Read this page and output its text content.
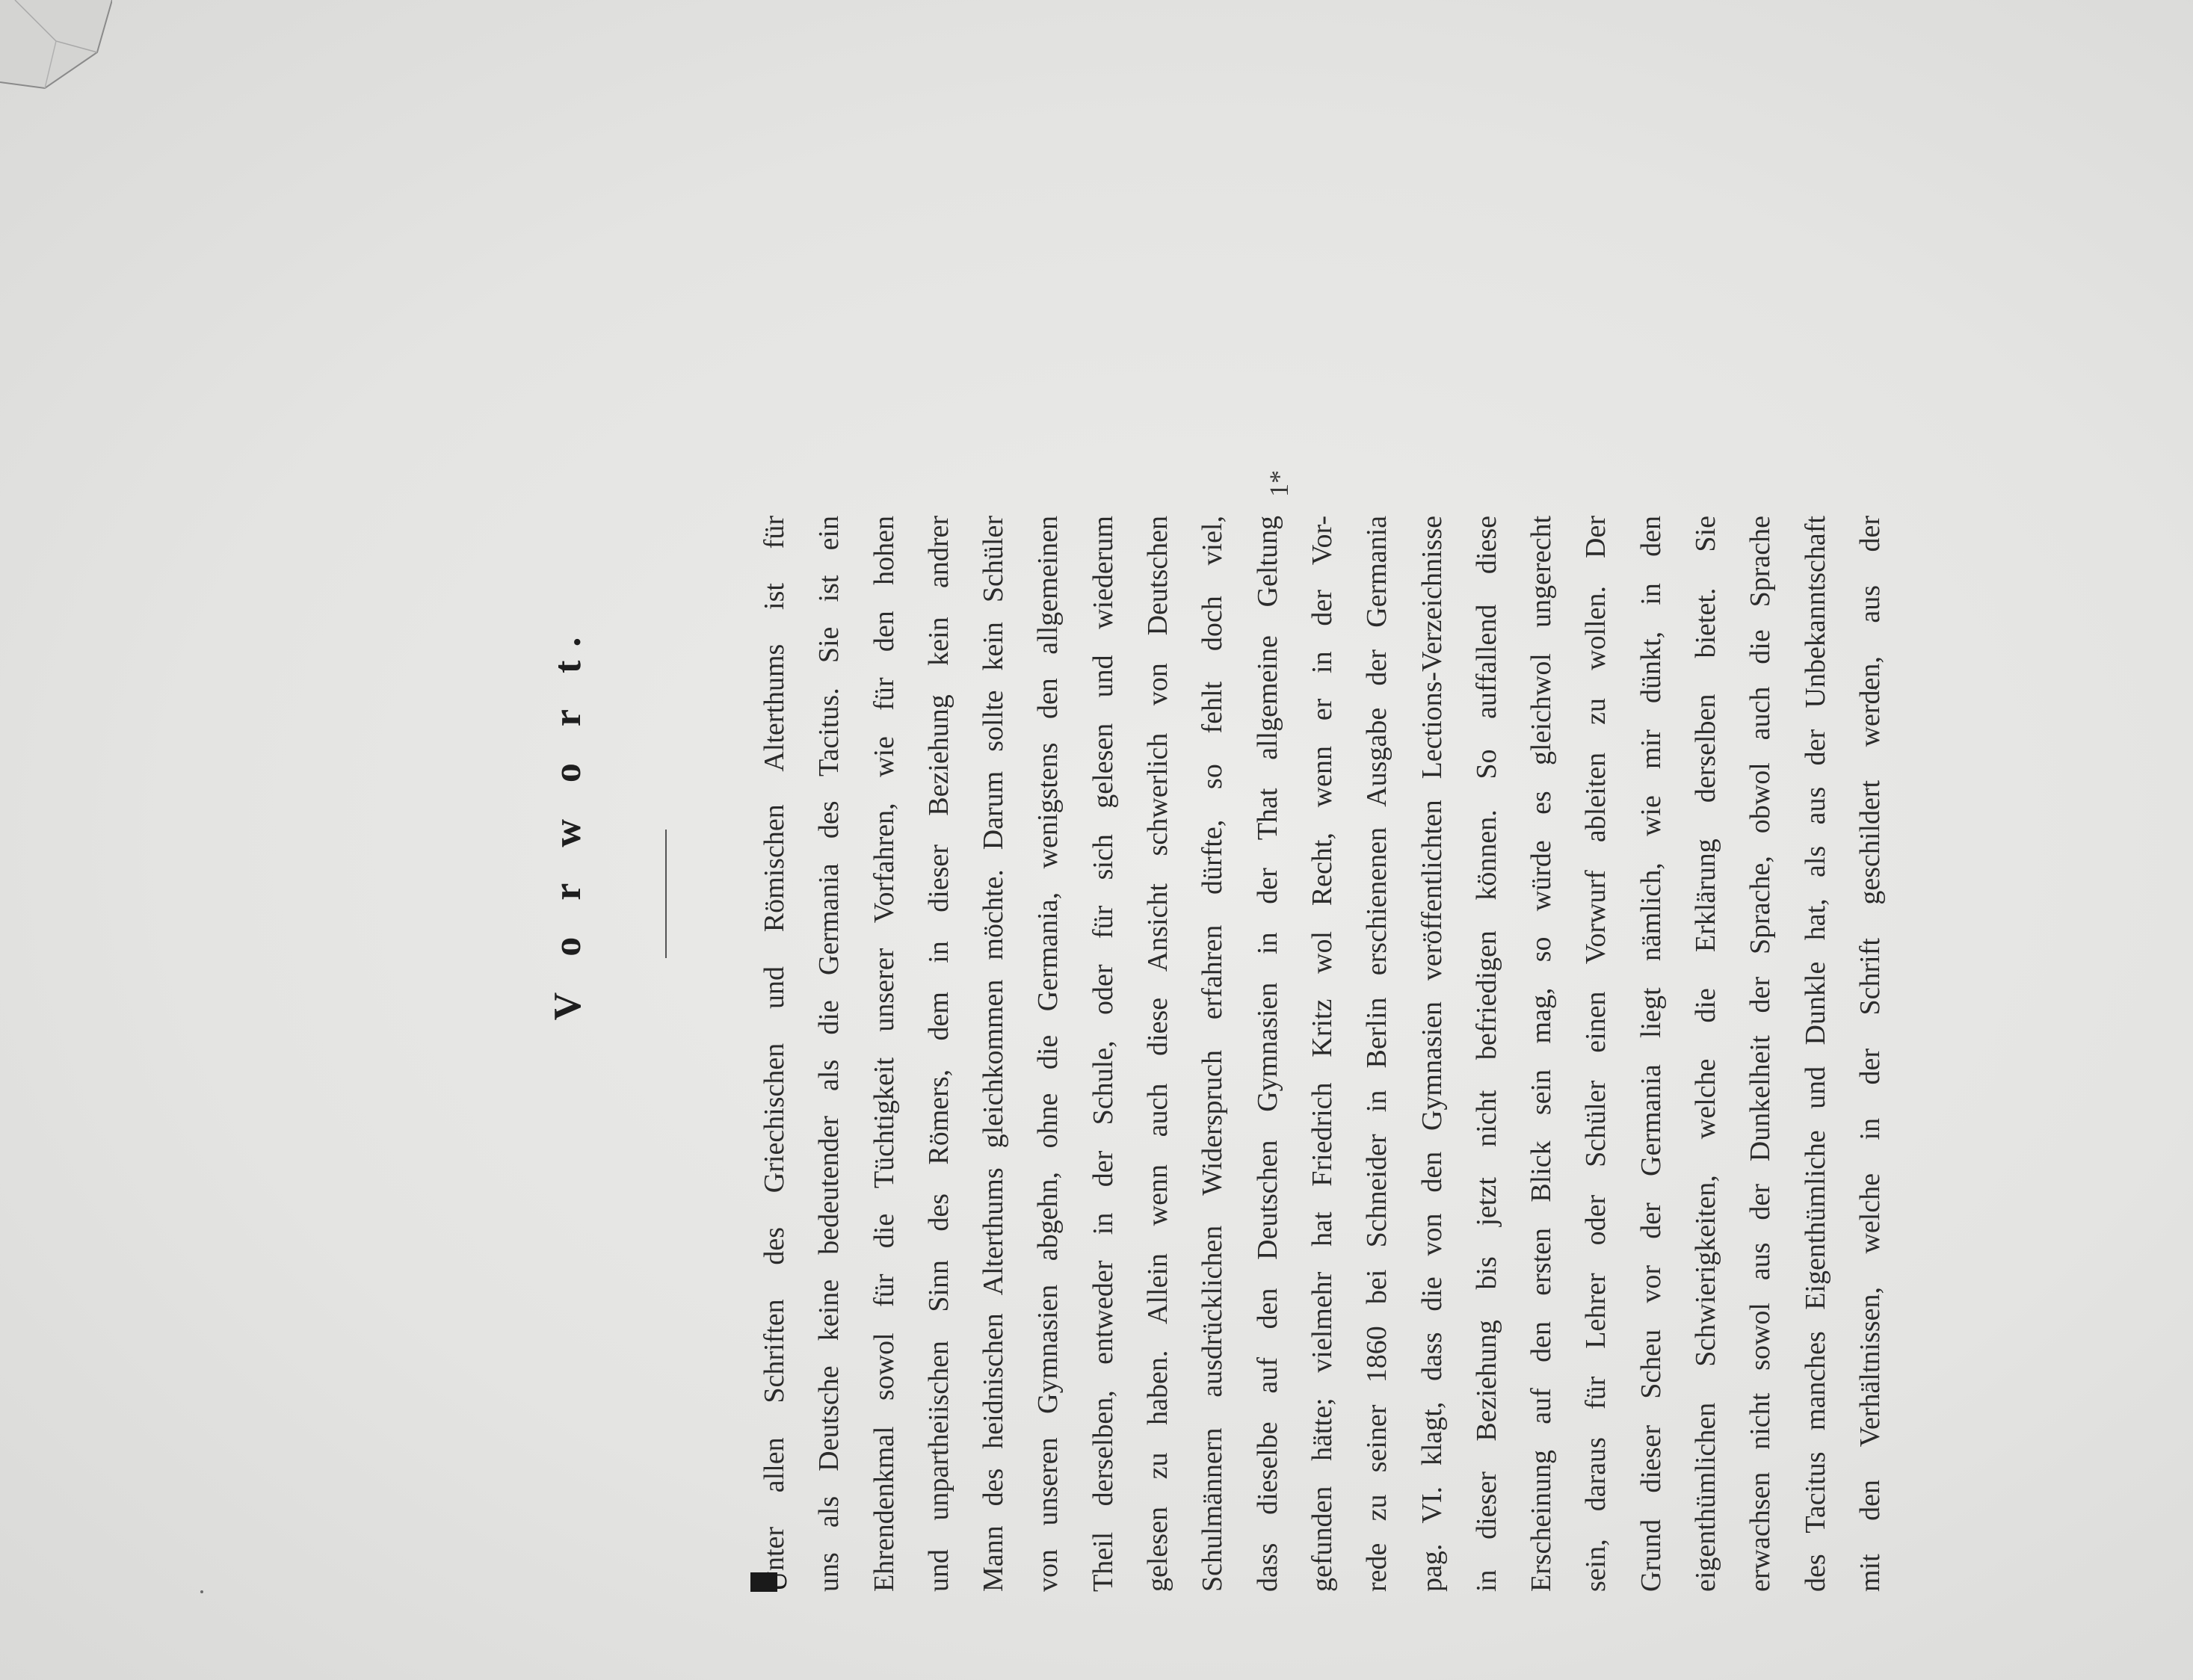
V o r w o r t.
Unter allen Schriften des Griechischen und Römischen Alterthums ist für uns als Deutsche keine bedeutender als die Germania des Tacitus. Sie ist ein Ehrendenkmal sowol für die Tüchtigkeit unserer Vorfahren, wie für den hohen und unpartheiischen Sinn des Römers, dem in dieser Beziehung kein andrer Mann des heidnischen Alterthums gleichkommen möchte. Darum sollte kein Schüler von unseren Gymnasien abgehn, ohne die Germania, wenigstens den allgemeinen Theil derselben, entweder in der Schule, oder für sich gelesen und wiederum gelesen zu haben. Allein wenn auch diese Ansicht schwerlich von Deutschen Schulmännern ausdrücklichen Widerspruch erfahren dürfte, so fehlt doch viel, dass dieselbe auf den Deutschen Gymnasien in der That allgemeine Geltung gefunden hätte; vielmehr hat Friedrich Kritz wol Recht, wenn er in der Vor- rede zu seiner 1860 bei Schneider in Berlin erschienenen Ausgabe der Germania pag. VI. klagt, dass die von den Gymnasien veröffentlichten Lections-Verzeichnisse in dieser Beziehung bis jetzt nicht befriedigen können. So auffallend diese Erscheinung auf den ersten Blick sein mag, so würde es gleichwol ungerecht sein, daraus für Lehrer oder Schüler einen Vorwurf ableiten zu wollen. Der Grund dieser Scheu vor der Germania liegt nämlich, wie mir dünkt, in den eigenthümlichen Schwierigkeiten, welche die Erklärung derselben bietet. Sie erwachsen nicht sowol aus der Dunkelheit der Sprache, obwol auch die Sprache des Tacitus manches Eigenthümliche und Dunkle hat, als aus der Unbekanntschaft mit den Verhältnissen, welche in der Schrift geschildert werden, aus der
1*
